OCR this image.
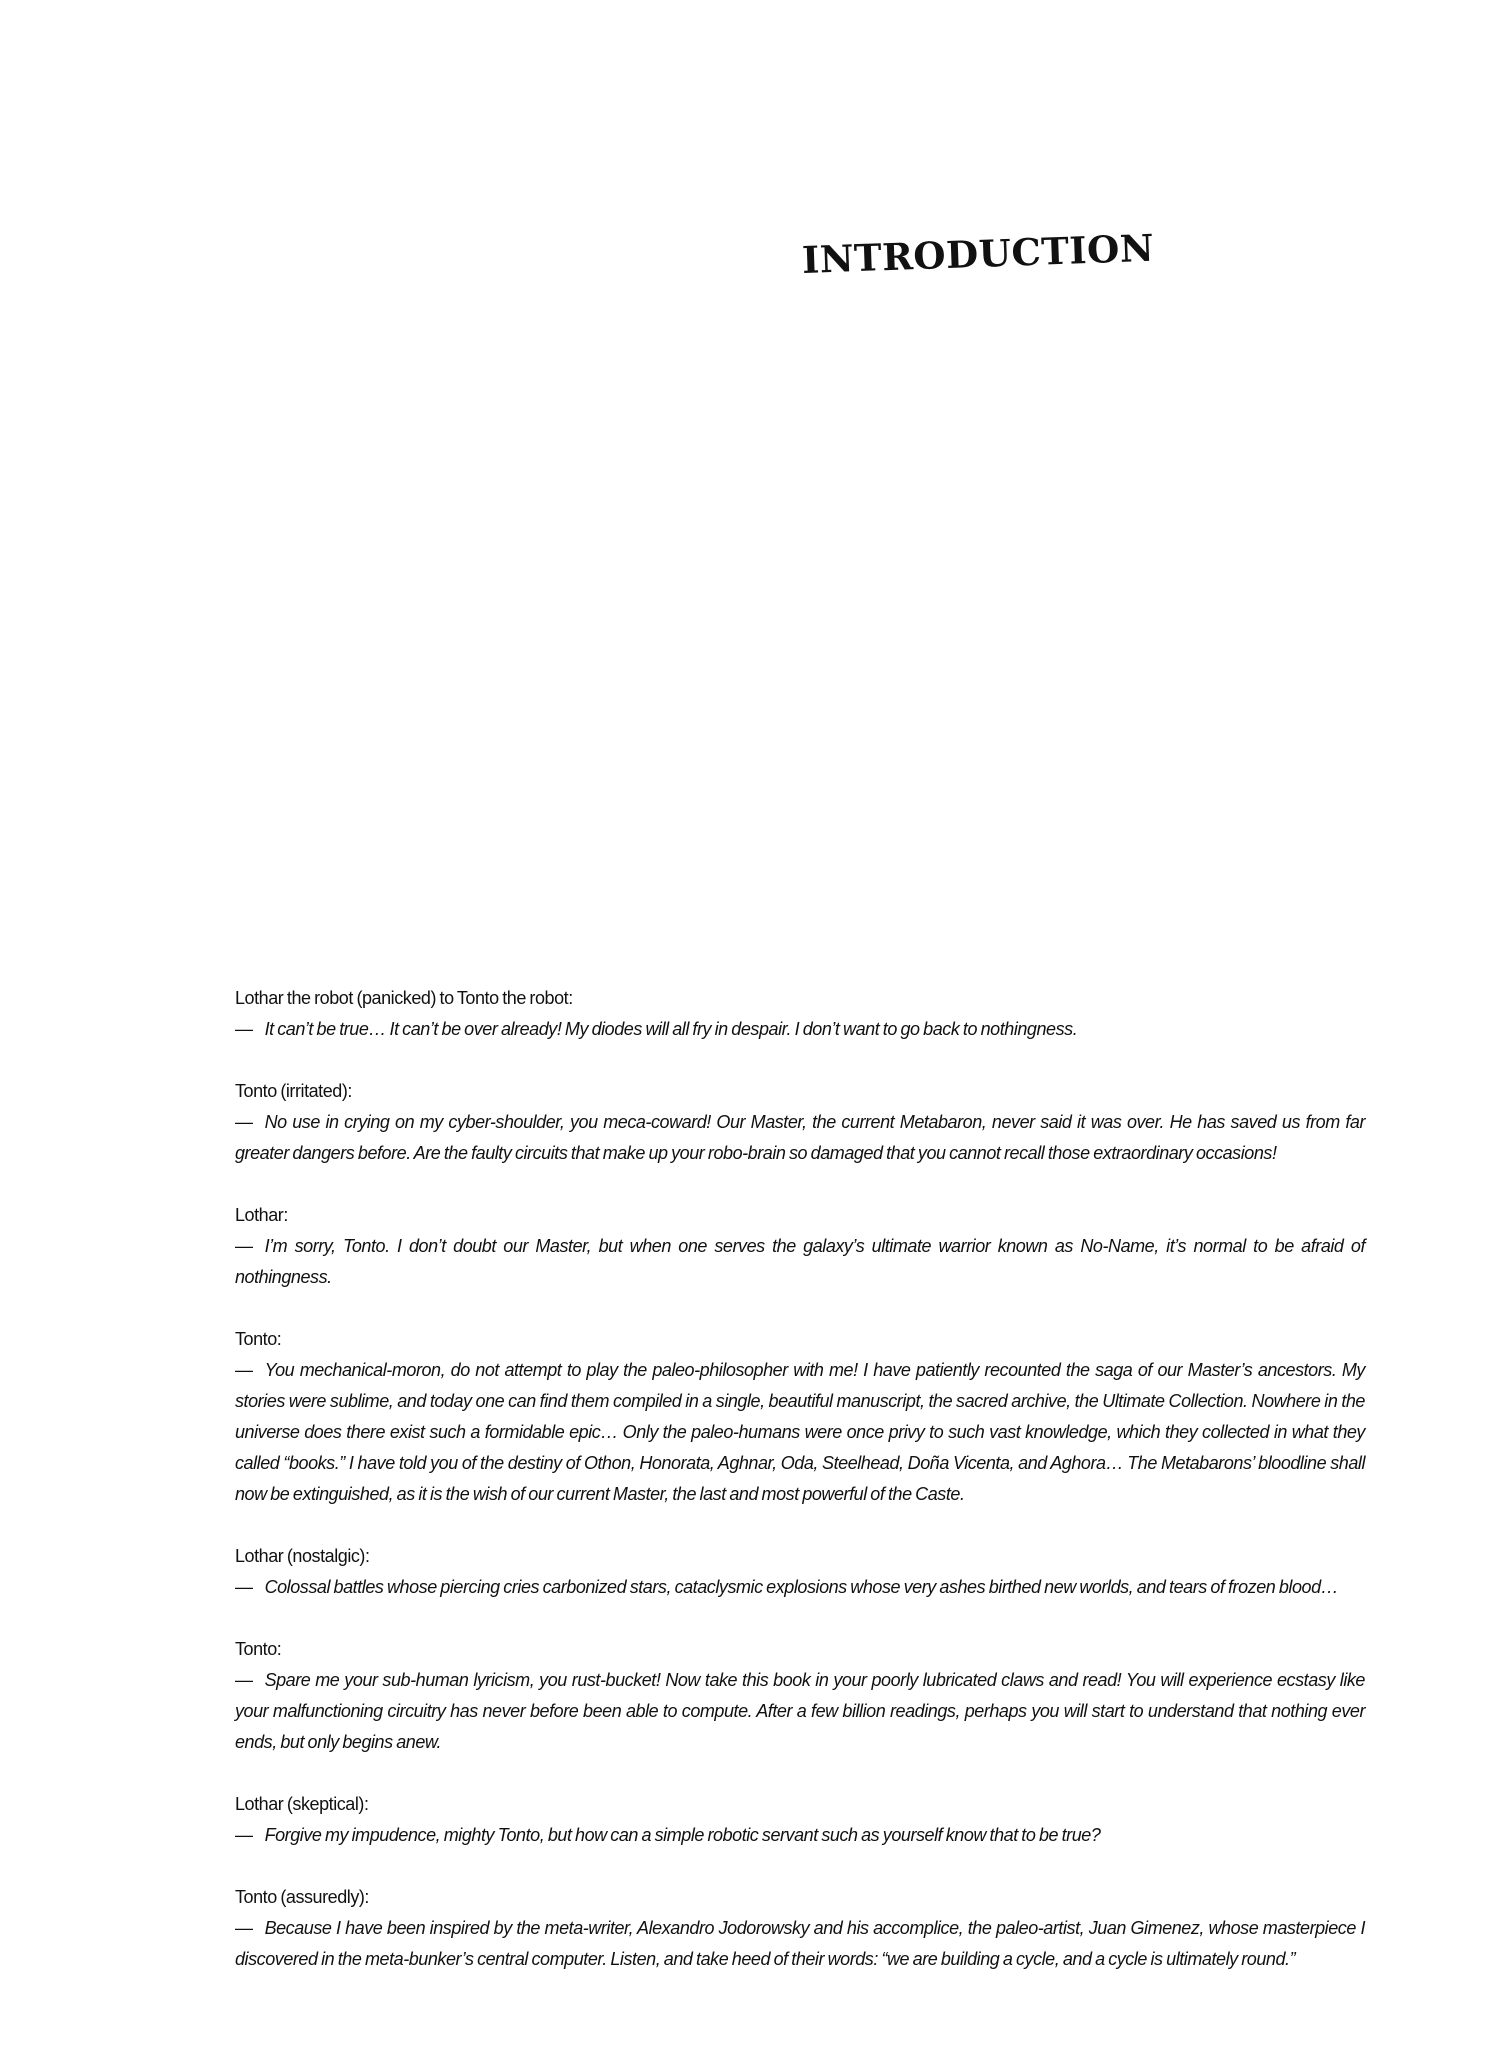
INTRODUCTION
Lothar the robot (panicked) to Tonto the robot:
— It can’t be true… It can’t be over already! My diodes will all fry in despair. I don’t want to go back to nothingness.
Tonto (irritated):
— No use in crying on my cyber-shoulder, you meca-coward! Our Master, the current Metabaron, never said it was over. He has saved us from far greater dangers before. Are the faulty circuits that make up your robo-brain so damaged that you cannot recall those extraordinary occasions!
Lothar:
— I’m sorry, Tonto. I don’t doubt our Master, but when one serves the galaxy’s ultimate warrior known as No-Name, it’s normal to be afraid of nothingness.
Tonto:
— You mechanical-moron, do not attempt to play the paleo-philosopher with me! I have patiently recounted the saga of our Master’s ancestors. My stories were sublime, and today one can find them compiled in a single, beautiful manuscript, the sacred archive, the Ultimate Collection. Nowhere in the universe does there exist such a formidable epic… Only the paleo-humans were once privy to such vast knowledge, which they collected in what they called “books.” I have told you of the destiny of Othon, Honorata, Aghnar, Oda, Steelhead, Doña Vicenta, and Aghora… The Metabarons’ bloodline shall now be extinguished, as it is the wish of our current Master, the last and most powerful of the Caste.
Lothar (nostalgic):
— Colossal battles whose piercing cries carbonized stars, cataclysmic explosions whose very ashes birthed new worlds, and tears of frozen blood…
Tonto:
— Spare me your sub-human lyricism, you rust-bucket! Now take this book in your poorly lubricated claws and read! You will experience ecstasy like your malfunctioning circuitry has never before been able to compute. After a few billion readings, perhaps you will start to understand that nothing ever ends, but only begins anew.
Lothar (skeptical):
— Forgive my impudence, mighty Tonto, but how can a simple robotic servant such as yourself know that to be true?
Tonto (assuredly):
— Because I have been inspired by the meta-writer, Alexandro Jodorowsky and his accomplice, the paleo-artist, Juan Gimenez, whose masterpiece I discovered in the meta-bunker’s central computer. Listen, and take heed of their words: “we are building a cycle, and a cycle is ultimately round.”
